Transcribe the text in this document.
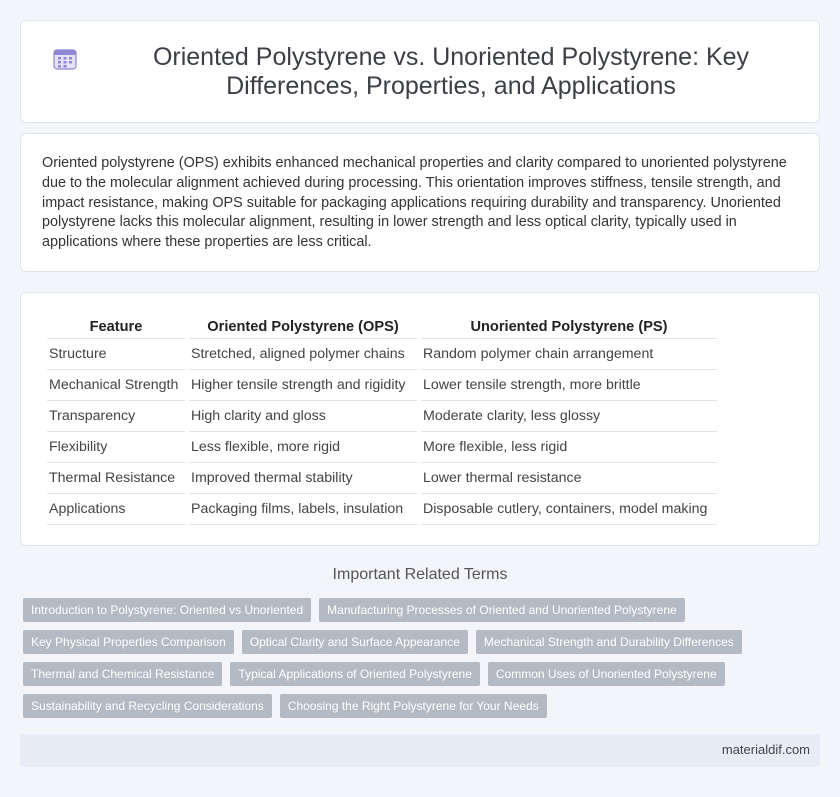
Oriented Polystyrene vs. Unoriented Polystyrene: Key Differences, Properties, and Applications

Oriented polystyrene (OPS) exhibits enhanced mechanical properties and clarity compared to unoriented polystyrene due to the molecular alignment achieved during processing. This orientation improves stiffness, tensile strength, and impact resistance, making OPS suitable for packaging applications requiring durability and transparency. Unoriented polystyrene lacks this molecular alignment, resulting in lower strength and less optical clarity, typically used in applications where these properties are less critical.

Feature	Oriented Polystyrene (OPS)	Unoriented Polystyrene (PS)
Structure	Stretched, aligned polymer chains	Random polymer chain arrangement
Mechanical Strength	Higher tensile strength and rigidity	Lower tensile strength, more brittle
Transparency	High clarity and gloss	Moderate clarity, less glossy
Flexibility	Less flexible, more rigid	More flexible, less rigid
Thermal Resistance	Improved thermal stability	Lower thermal resistance
Applications	Packaging films, labels, insulation	Disposable cutlery, containers, model making
Important Related Terms
Introduction to Polystyrene: Oriented vs Unoriented	Manufacturing Processes of Oriented and Unoriented Polystyrene
Key Physical Properties Comparison	Optical Clarity and Surface Appearance	Mechanical Strength and Durability Differences
Thermal and Chemical Resistance	Typical Applications of Oriented Polystyrene	Common Uses of Unoriented Polystyrene
Sustainability and Recycling Considerations	Choosing the Right Polystyrene for Your Needs
materialdif.com
